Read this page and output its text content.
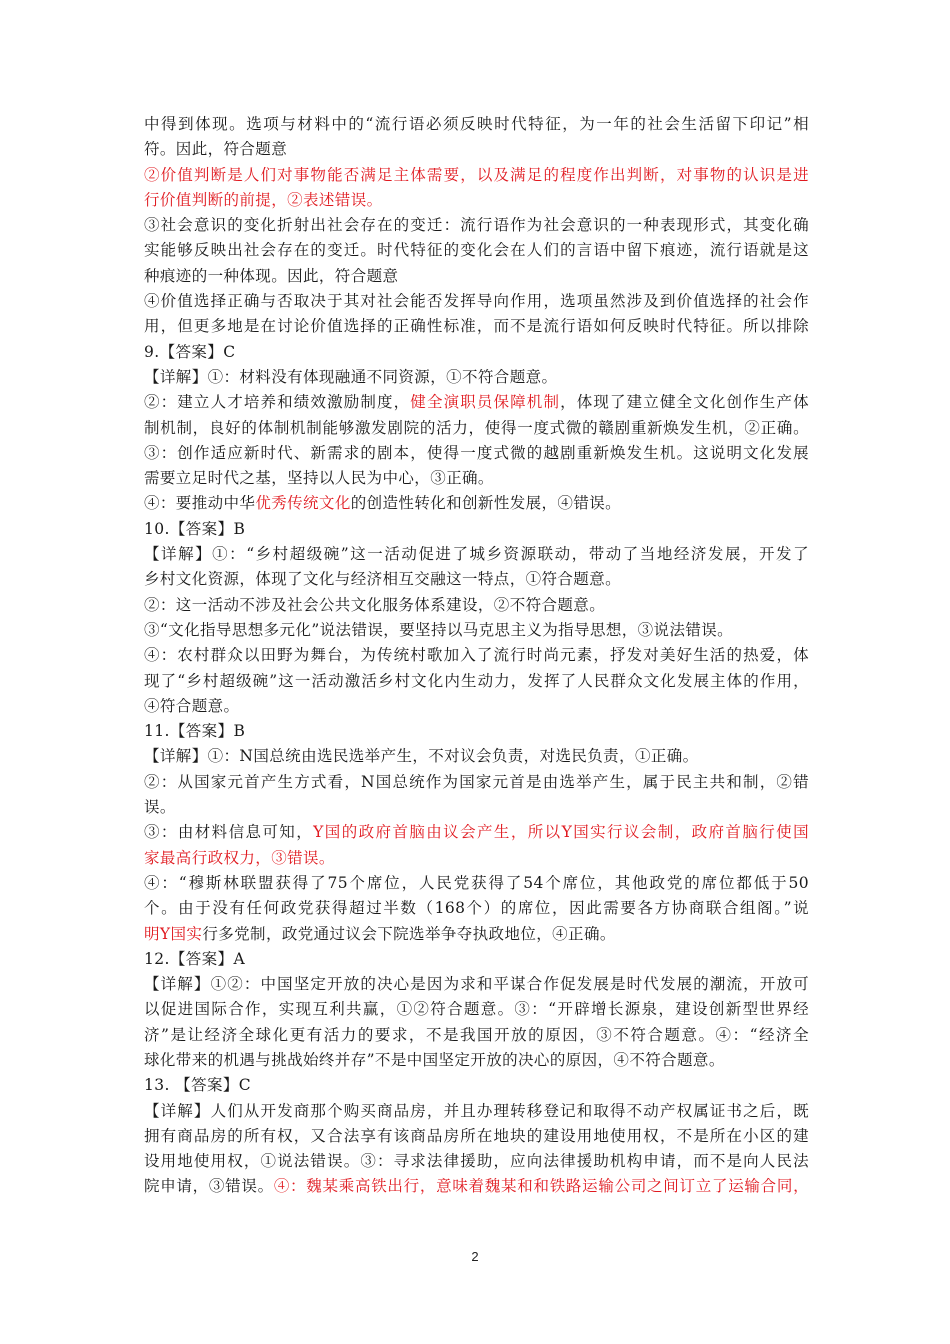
中得到体现。选项与材料中的“流行语必须反映时代特征，为一年的社会生活留下印记”相
符。因此，符合题意
②价值判断是人们对事物能否满足主体需要，以及满足的程度作出判断，对事物的认识是进
行价值判断的前提，②表述错误。
③社会意识的变化折射出社会存在的变迁：流行语作为社会意识的一种表现形式，其变化确
实能够反映出社会存在的变迁。时代特征的变化会在人们的言语中留下痕迹，流行语就是这
种痕迹的一种体现。因此，符合题意
④价值选择正确与否取决于其对社会能否发挥导向作用，选项虽然涉及到价值选择的社会作
用，但更多地是在讨论价值选择的正确性标准，而不是流行语如何反映时代特征。所以排除
9.【答案】C
【详解】①：材料没有体现融通不同资源，①不符合题意。
②：建立人才培养和绩效激励制度，健全演职员保障机制，体现了建立健全文化创作生产体
制机制，良好的体制机制能够激发剧院的活力，使得一度式微的赣剧重新焕发生机，②正确。
③：创作适应新时代、新需求的剧本，使得一度式微的越剧重新焕发生机。这说明文化发展
需要立足时代之基，坚持以人民为中心，③正确。
④：要推动中华优秀传统文化的创造性转化和创新性发展，④错误。
10.【答案】B
【详解】①：“乡村超级碗”这一活动促进了城乡资源联动，带动了当地经济发展，开发了
乡村文化资源，体现了文化与经济相互交融这一特点，①符合题意。
②：这一活动不涉及社会公共文化服务体系建设，②不符合题意。
③“文化指导思想多元化”说法错误，要坚持以马克思主义为指导思想，③说法错误。
④：农村群众以田野为舞台，为传统村歌加入了流行时尚元素，抒发对美好生活的热爱，体
现了“乡村超级碗”这一活动激活乡村文化内生动力，发挥了人民群众文化发展主体的作用，
④符合题意。
11.【答案】B
【详解】①：N国总统由选民选举产生，不对议会负责，对选民负责，①正确。
②：从国家元首产生方式看，N国总统作为国家元首是由选举产生，属于民主共和制，②错
误。
③：由材料信息可知，Y国的政府首脑由议会产生，所以Y国实行议会制，政府首脑行使国
家最高行政权力，③错误。
④：“穆斯林联盟获得了75个席位，人民党获得了54个席位，其他政党的席位都低于50
个。由于没有任何政党获得超过半数（168个）的席位，因此需要各方协商联合组阁。”说
明Y国实行多党制，政党通过议会下院选举争夺执政地位，④正确。
12.【答案】A
【详解】①②：中国坚定开放的决心是因为求和平谋合作促发展是时代发展的潮流，开放可
以促进国际合作，实现互利共赢，①②符合题意。③：“开辟增长源泉，建设创新型世界经
济”是让经济全球化更有活力的要求，不是我国开放的原因，③不符合题意。④：“经济全
球化带来的机遇与挑战始终并存”不是中国坚定开放的决心的原因，④不符合题意。
13. 【答案】C
【详解】人们从开发商那个购买商品房，并且办理转移登记和取得不动产权属证书之后，既
拥有商品房的所有权，又合法享有该商品房所在地块的建设用地使用权，不是所在小区的建
设用地使用权，①说法错误。③：寻求法律援助，应向法律援助机构申请，而不是向人民法
院申请，③错误。④：魏某乘高铁出行，意味着魏某和和铁路运输公司之间订立了运输合同，
2
